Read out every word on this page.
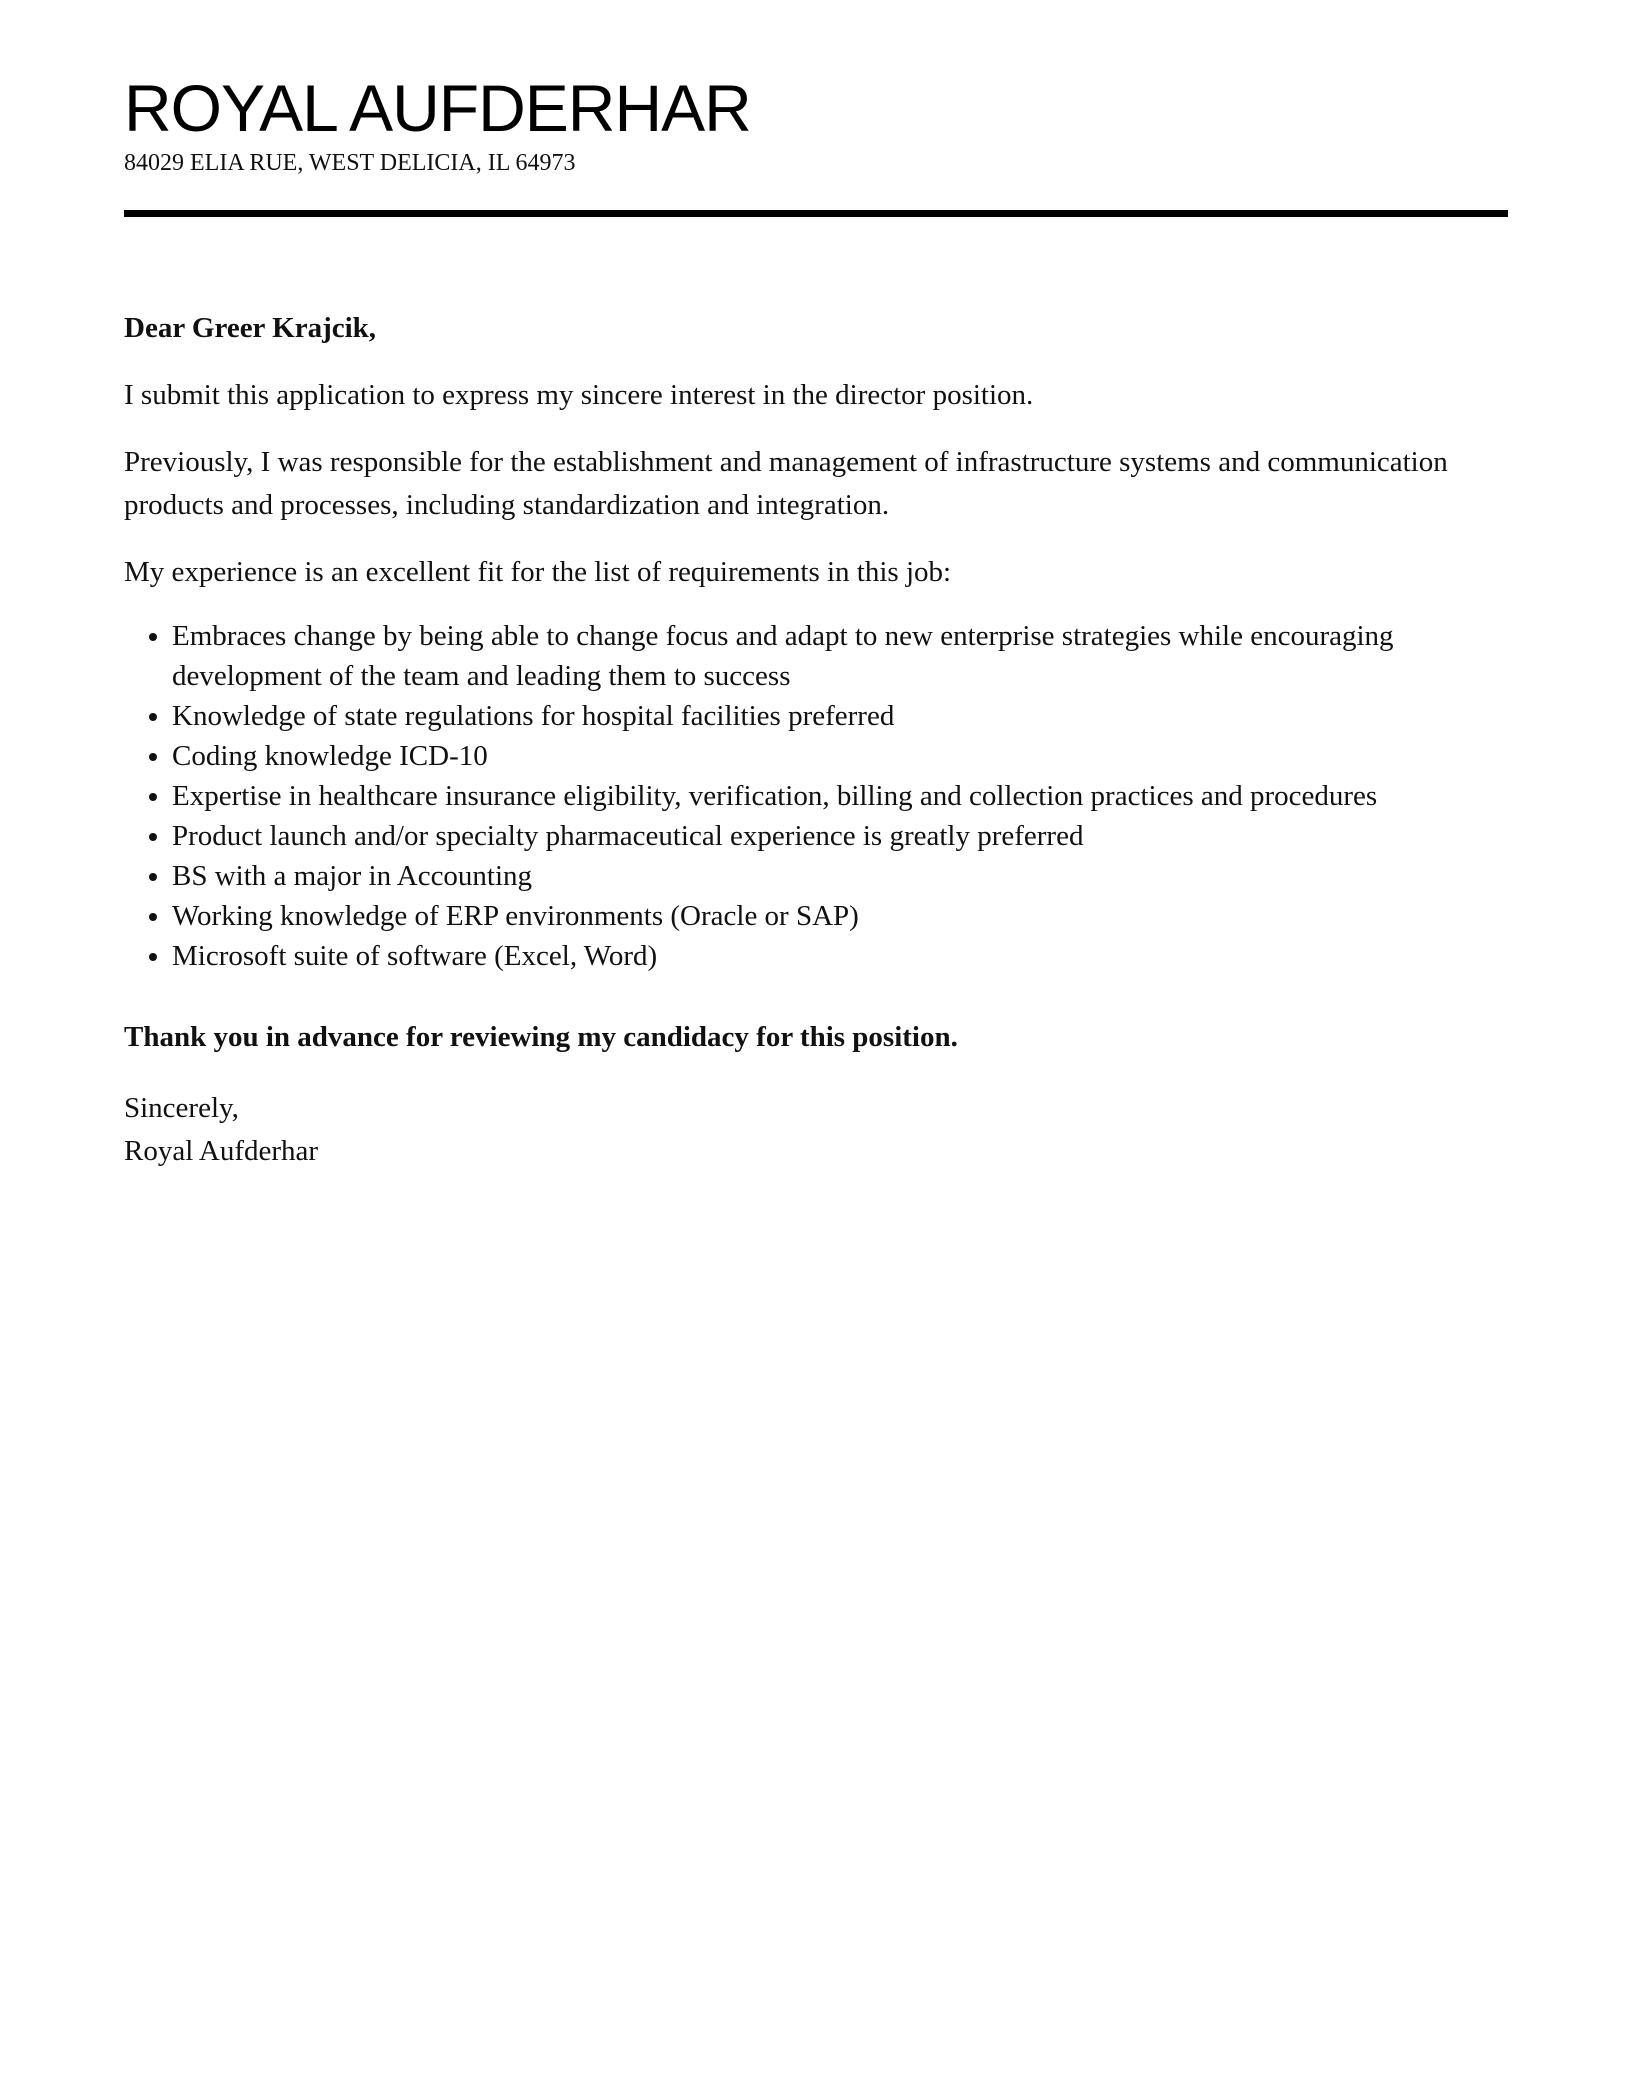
ROYAL AUFDERHAR
84029 ELIA RUE, WEST DELICIA, IL 64973
Dear Greer Krajcik,

I submit this application to express my sincere interest in the director position.

Previously, I was responsible for the establishment and management of infrastructure systems and communication products and processes, including standardization and integration.

My experience is an excellent fit for the list of requirements in this job:

• Embraces change by being able to change focus and adapt to new enterprise strategies while encouraging development of the team and leading them to success
• Knowledge of state regulations for hospital facilities preferred
• Coding knowledge ICD-10
• Expertise in healthcare insurance eligibility, verification, billing and collection practices and procedures
• Product launch and/or specialty pharmaceutical experience is greatly preferred
• BS with a major in Accounting
• Working knowledge of ERP environments (Oracle or SAP)
• Microsoft suite of software (Excel, Word)
Thank you in advance for reviewing my candidacy for this position.
Sincerely,
Royal Aufderhar
